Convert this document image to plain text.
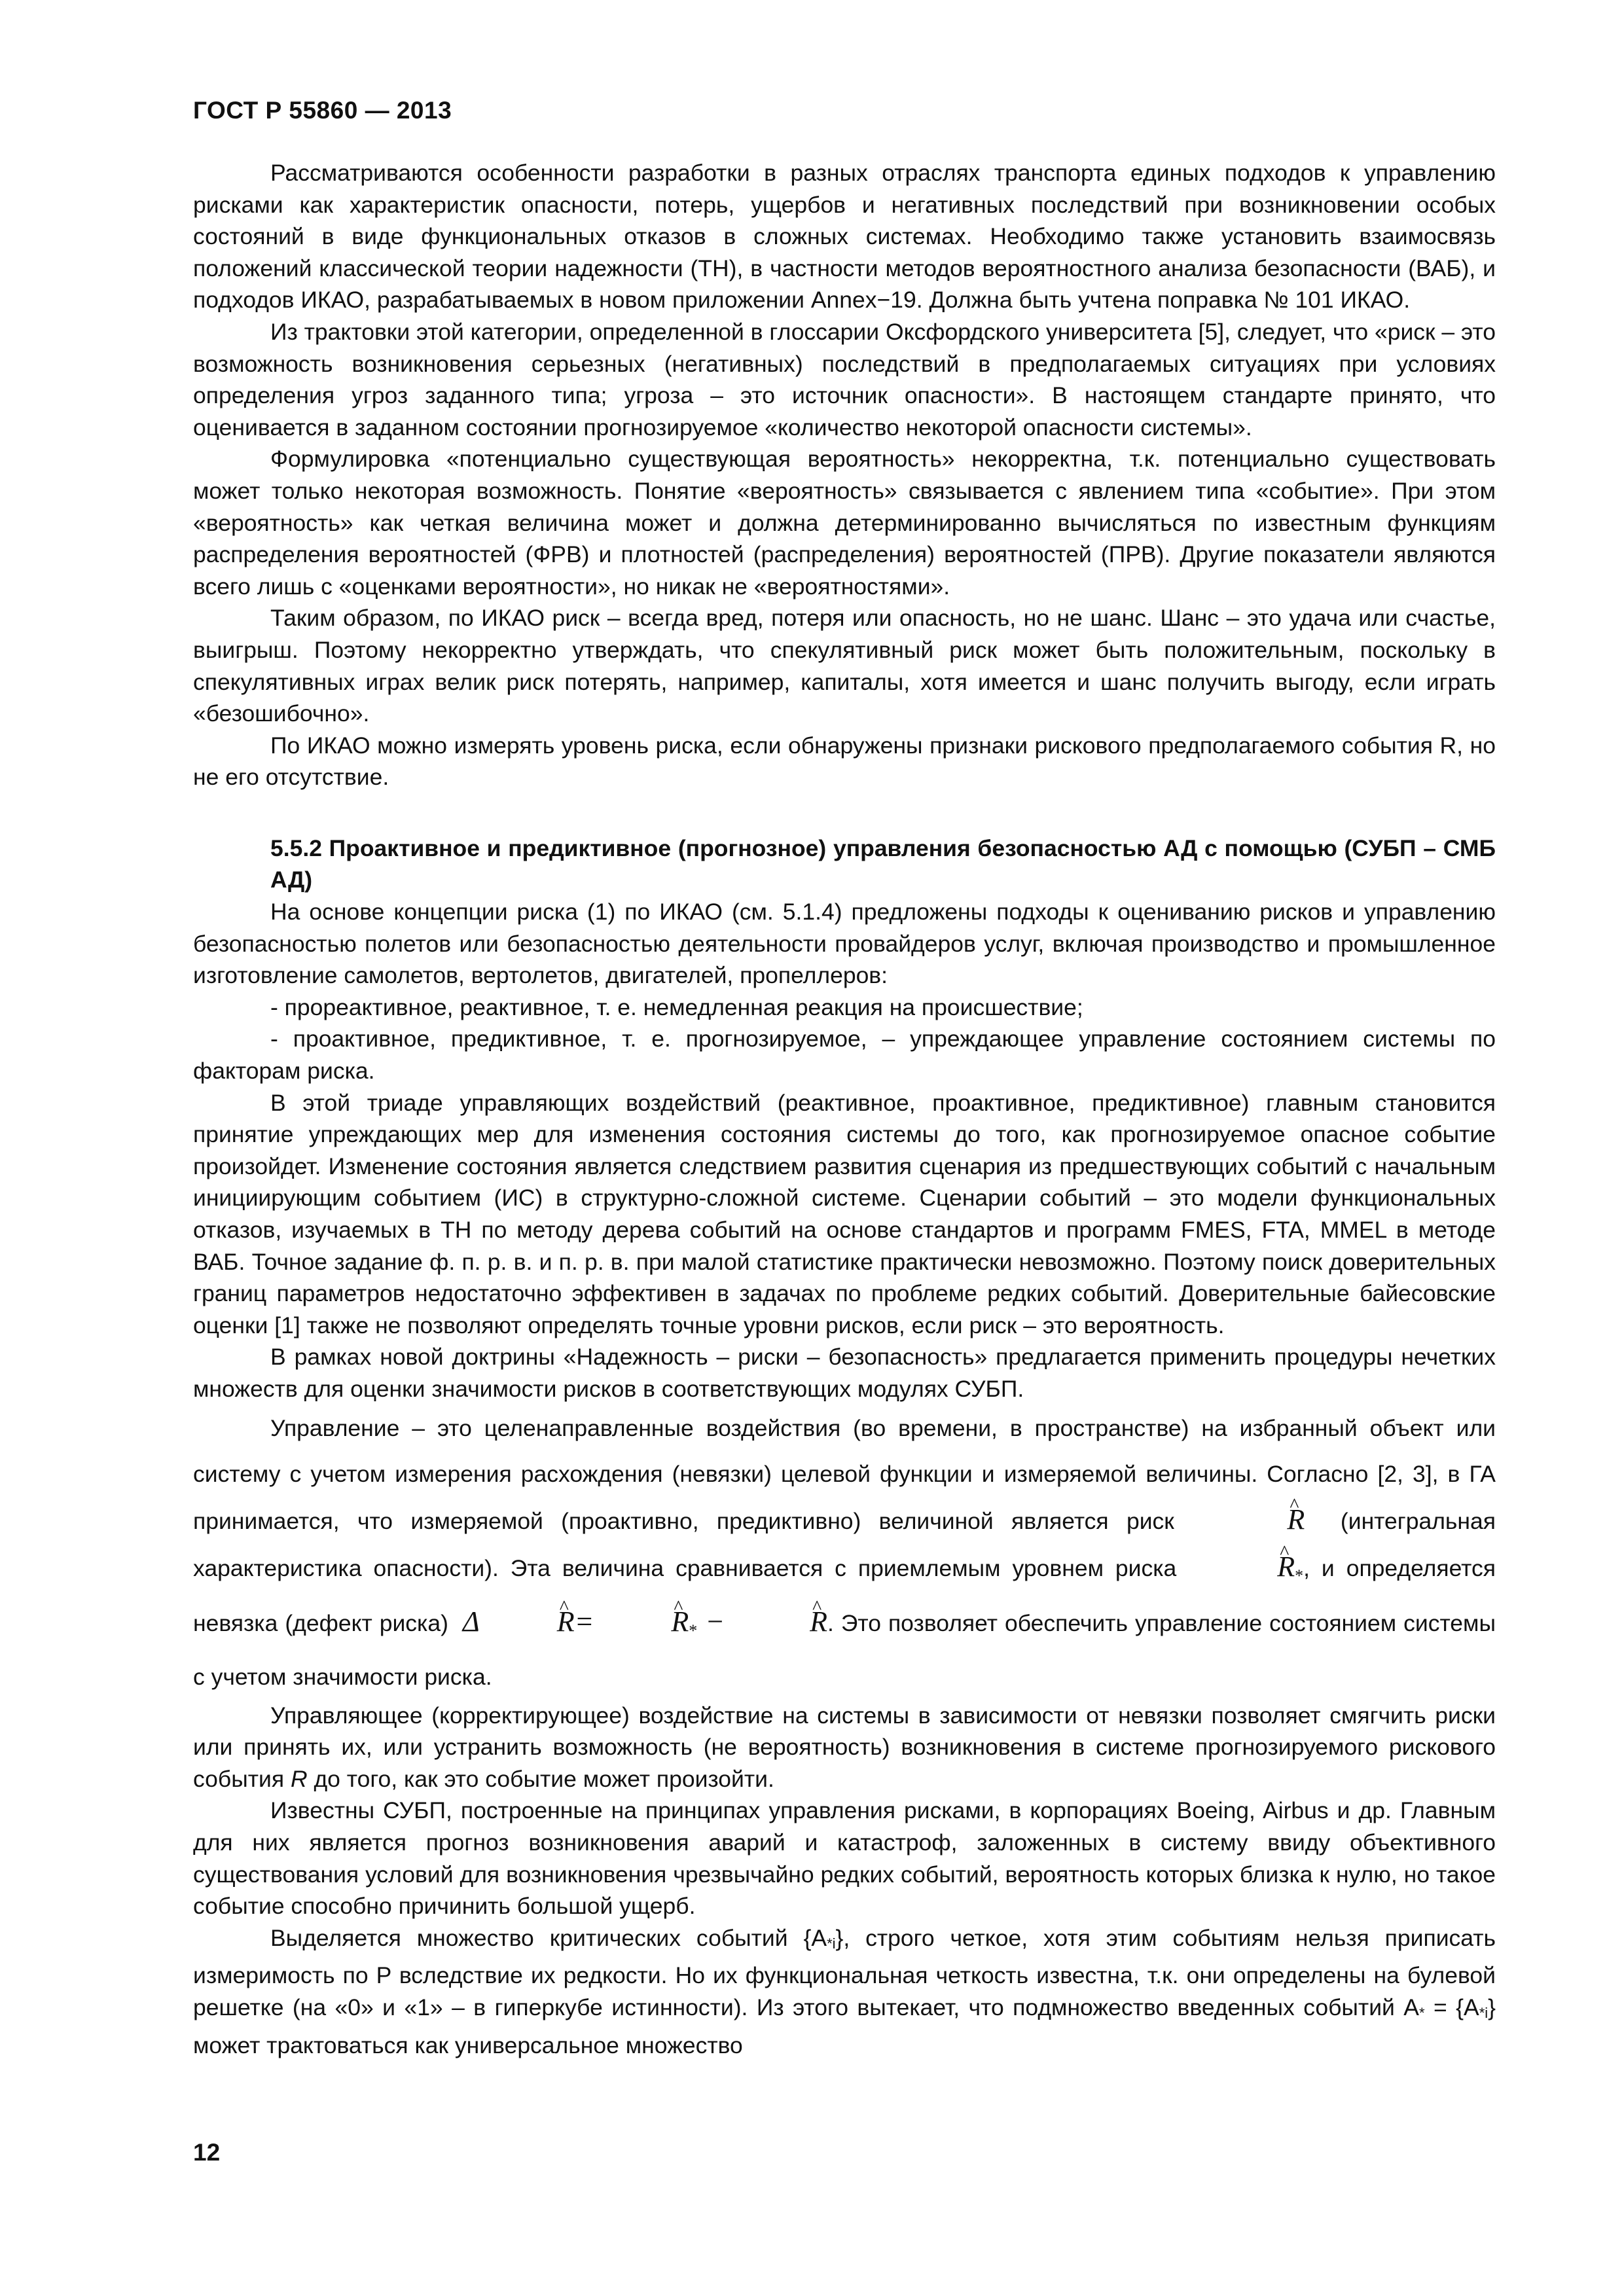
ГОСТ Р 55860 — 2013

Рассматриваются особенности разработки в разных отраслях транспорта единых подходов к управлению рисками как характеристик опасности, потерь, ущербов и негативных последствий при возникновении особых состояний в виде функциональных отказов в сложных системах. Необходимо также установить взаимосвязь положений классической теории надежности (ТН), в частности методов вероятностного анализа безопасности (ВАБ), и подходов ИКАО, разрабатываемых в новом приложении Annex−19. Должна быть учтена поправка № 101 ИКАО.

Из трактовки этой категории, определенной в глоссарии Оксфордского университета [5], следует, что «риск – это возможность возникновения серьезных (негативных) последствий в предполагаемых ситуациях при условиях определения угроз заданного типа; угроза – это источник опасности». В настоящем стандарте принято, что оценивается в заданном состоянии прогнозируемое «количество некоторой опасности системы».

Формулировка «потенциально существующая вероятность» некорректна, т.к. потенциально существовать может только некоторая возможность. Понятие «вероятность» связывается с явлением типа «событие». При этом «вероятность» как четкая величина может и должна детерминированно вычисляться по известным функциям распределения вероятностей (ФРВ) и плотностей (распределения) вероятностей (ПРВ). Другие показатели являются всего лишь с «оценками вероятности», но никак не «вероятностями».

Таким образом, по ИКАО риск – всегда вред, потеря или опасность, но не шанс. Шанс – это удача или счастье, выигрыш. Поэтому некорректно утверждать, что спекулятивный риск может быть положительным, поскольку в спекулятивных играх велик риск потерять, например, капиталы, хотя имеется и шанс получить выгоду, если играть «безошибочно».

По ИКАО можно измерять уровень риска, если обнаружены признаки рискового предполагаемого события R, но не его отсутствие.

5.5.2 Проактивное и предиктивное (прогнозное) управления безопасностью АД с помощью (СУБП – СМБ АД)

На основе концепции риска (1) по ИКАО (см. 5.1.4) предложены подходы к оцениванию рисков и управлению безопасностью полетов или безопасностью деятельности провайдеров услуг, включая производство и промышленное изготовление самолетов, вертолетов, двигателей, пропеллеров:

- прореактивное, реактивное, т. е. немедленная реакция на происшествие;

- проактивное, предиктивное, т. е. прогнозируемое, – упреждающее управление состоянием системы по факторам риска.

В этой триаде управляющих воздействий (реактивное, проактивное, предиктивное) главным становится принятие упреждающих мер для изменения состояния системы до того, как прогнозируемое опасное событие произойдет. Изменение состояния является следствием развития сценария из предшествующих событий с начальным инициирующим событием (ИС) в структурно-сложной системе. Сценарии событий – это модели функциональных отказов, изучаемых в ТН по методу дерева событий на основе стандартов и программ FMES, FTA, MMEL в методе ВАБ. Точное задание ф. п. р. в. и п. р. в. при малой статистике практически невозможно. Поэтому поиск доверительных границ параметров недостаточно эффективен в задачах по проблеме редких событий. Доверительные байесовские оценки [1] также не позволяют определять точные уровни рисков, если риск – это вероятность.

В рамках новой доктрины «Надежность – риски – безопасность» предлагается применить процедуры нечетких множеств для оценки значимости рисков в соответствующих модулях СУБП.

Управление – это целенаправленные воздействия (во времени, в пространстве) на избранный объект или систему с учетом измерения расхождения (невязки) целевой функции и измеряемой величины. Согласно [2, 3], в ГА принимается, что измеряемой (проактивно, предиктивно) величиной является риск	^ R (интегральная характеристика опасности). Эта величина сравнивается с приемлемым уровнем риска	^ $R_*$, и определяется невязка (дефект риска) Δ	^ R=	^ $R_*$ −	^ R. Это позволяет обеспечить управление состоянием системы с учетом значимости риска.

Управляющее (корректирующее) воздействие на системы в зависимости от невязки позволяет смягчить риски или принять их, или устранить возможность (не вероятность) возникновения в системе прогнозируемого рискового события R до того, как это событие может произойти.

Известны СУБП, построенные на принципах управления рисками, в корпорациях Boeing, Airbus и др. Главным для них является прогноз возникновения аварий и катастроф, заложенных в систему ввиду объективного существования условий для возникновения чрезвычайно редких событий, вероятность которых близка к нулю, но такое событие способно причинить большой ущерб.

Выделяется множество критических событий {A*i}, строго четкое, хотя этим событиям нельзя приписать измеримость по P вследствие их редкости. Но их функциональная четкость известна, т.к. они определены на булевой решетке (на «0» и «1» – в гиперкубе истинности). Из этого вытекает, что подмножество введенных событий A* = {A*i} может трактоваться как универсальное множество

12
